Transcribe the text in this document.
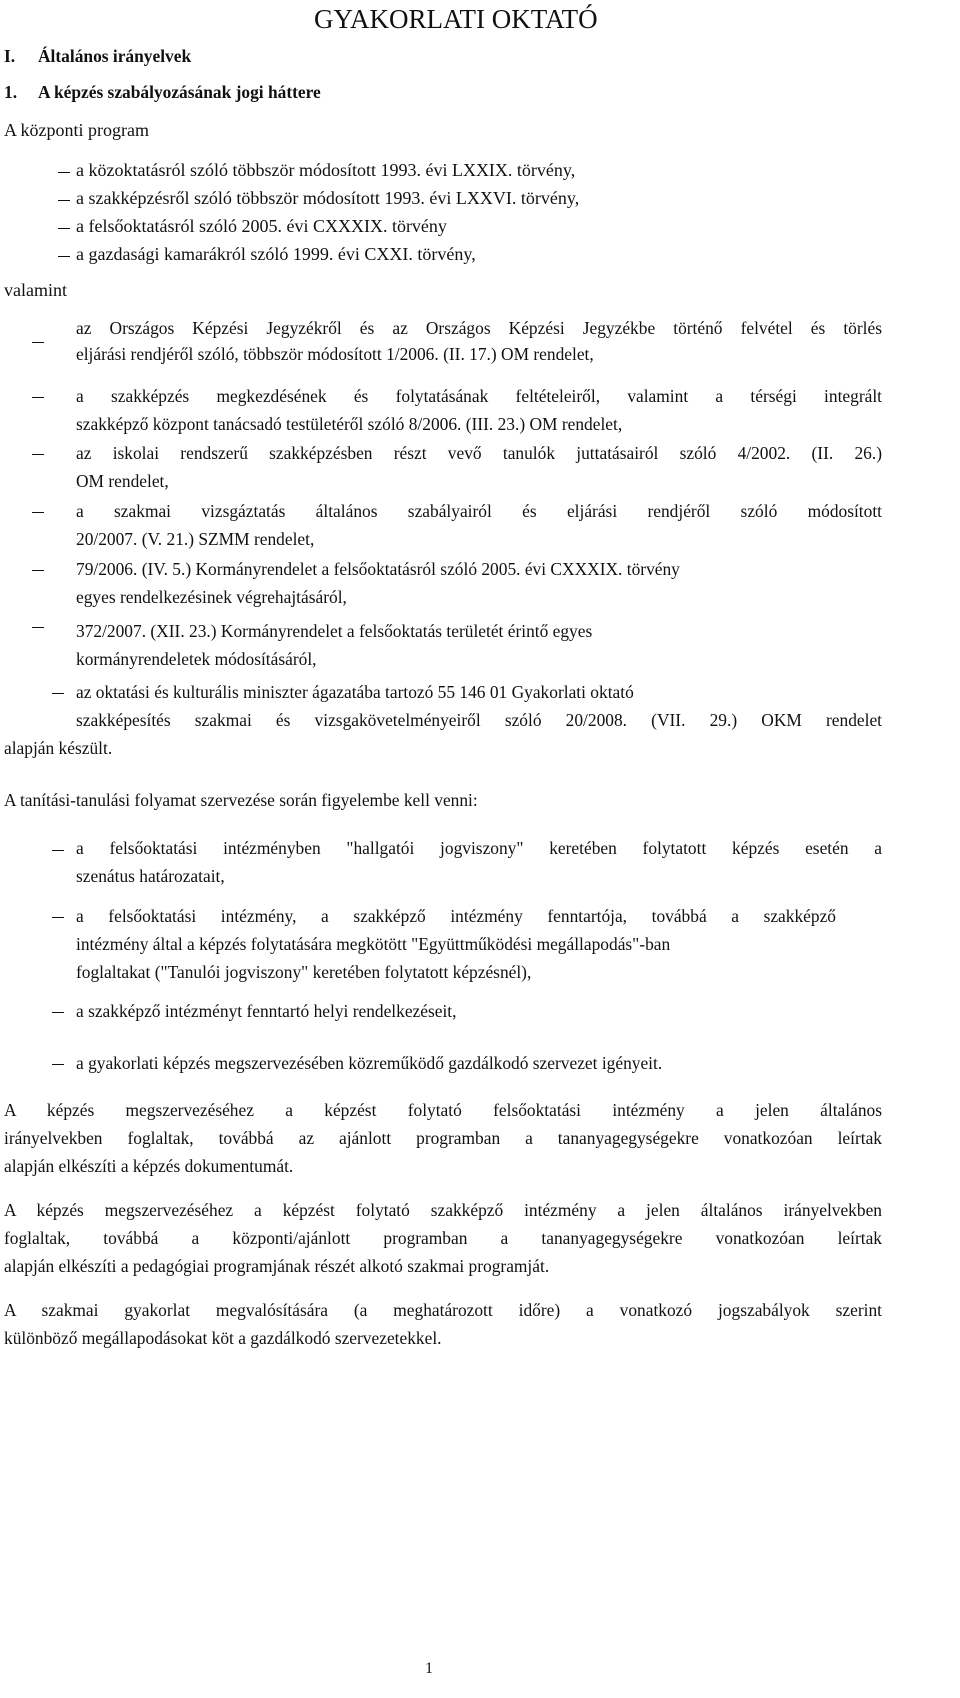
GYAKORLATI OKTATÓ
I. Általános irányelvek
1. A képzés szabályozásának jogi háttere
A központi program
a közoktatásról szóló többször módosított 1993. évi LXXIX. törvény,
a szakképzésről szóló többször módosított 1993. évi LXXVI. törvény,
a felsőoktatásról szóló 2005. évi CXXXIX. törvény
a gazdasági kamarákról szóló 1999. évi CXXI. törvény,
valamint
az Országos Képzési Jegyzékről és az Országos Képzési Jegyzékbe történő felvétel és törlés
eljárási rendjéről szóló, többször módosított 1/2006. (II. 17.) OM rendelet,
a szakképzés megkezdésének és folytatásának feltételeiről, valamint a térségi integrált
szakképző központ tanácsadó testületéről szóló 8/2006. (III. 23.) OM rendelet,
az iskolai rendszerű szakképzésben részt vevő tanulók juttatásairól szóló 4/2002. (II. 26.)
OM rendelet,
a szakmai vizsgáztatás általános szabályairól és eljárási rendjéről szóló módosított
20/2007. (V. 21.) SZMM rendelet,
79/2006. (IV. 5.) Kormányrendelet a felsőoktatásról szóló 2005. évi CXXXIX. törvény
egyes rendelkezésinek végrehajtásáról,
372/2007. (XII. 23.) Kormányrendelet a felsőoktatás területét érintő egyes
kormányrendeletek módosításáról,
az oktatási és kulturális miniszter ágazatába tartozó 55 146 01 Gyakorlati oktató
szakképesítés szakmai és vizsgakövetelményeiről szóló 20/2008. (VII. 29.) OKM rendelet
alapján készült.
A tanítási-tanulási folyamat szervezése során figyelembe kell venni:
a felsőoktatási intézményben "hallgatói jogviszony" keretében folytatott képzés esetén a
szenátus határozatait,
a felsőoktatási intézmény, a szakképző intézmény fenntartója, továbbá a szakképző
intézmény által a képzés folytatására megkötött "Együttműködési megállapodás"-ban
foglaltakat ("Tanulói jogviszony" keretében folytatott képzésnél),
a szakképző intézményt fenntartó helyi rendelkezéseit,
a gyakorlati képzés megszervezésében közreműködő gazdálkodó szervezet igényeit.
A képzés megszervezéséhez a képzést folytató felsőoktatási intézmény a jelen általános
irányelvekben foglaltak, továbbá az ajánlott programban a tananyagegységekre vonatkozóan leírtak
alapján elkészíti a képzés dokumentumát.
A képzés megszervezéséhez a képzést folytató szakképző intézmény a jelen általános irányelvekben
foglaltak, továbbá a központi/ajánlott programban a tananyagegységekre vonatkozóan leírtak
alapján elkészíti a pedagógiai programjának részét alkotó szakmai programját.
A szakmai gyakorlat megvalósítására (a meghatározott időre) a vonatkozó jogszabályok szerint
különböző megállapodásokat köt a gazdálkodó szervezetekkel.
1
